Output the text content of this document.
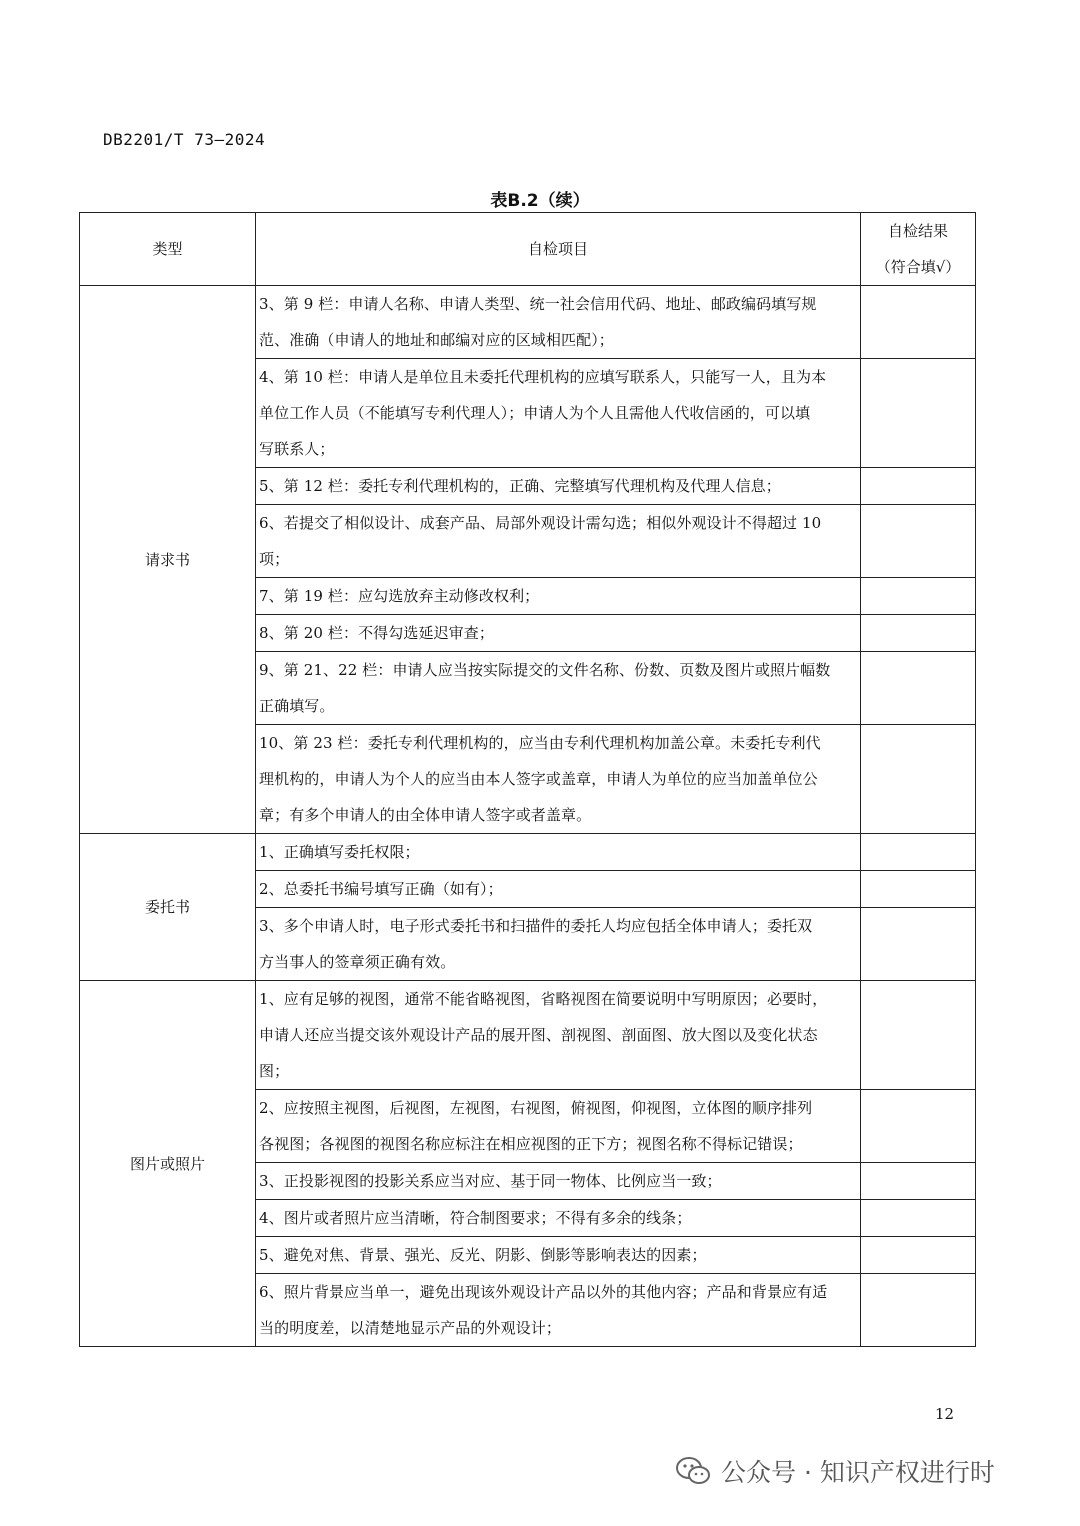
DB2201/T 73—2024
表B.2（续）
类型	自检项目	自检结果
（符合填√）

请求书	3、第 9 栏：申请人名称、申请人类型、统一社会信用代码、地址、邮政编码填写规
范、准确（申请人的地址和邮编对应的区域相匹配）；	

	4、第 10 栏：申请人是单位且未委托代理机构的应填写联系人，只能写一人，且为本
单位工作人员（不能填写专利代理人）；申请人为个人且需他人代收信函的，可以填
写联系人；	

	5、第 12 栏：委托专利代理机构的，正确、完整填写代理机构及代理人信息；	

	6、若提交了相似设计、成套产品、局部外观设计需勾选；相似外观设计不得超过 10
项；	

	7、第 19 栏：应勾选放弃主动修改权利；	

	8、第 20 栏：不得勾选延迟审查；	

	9、第 21、22 栏：申请人应当按实际提交的文件名称、份数、页数及图片或照片幅数
正确填写。	

	10、第 23 栏：委托专利代理机构的，应当由专利代理机构加盖公章。未委托专利代
理机构的，申请人为个人的应当由本人签字或盖章，申请人为单位的应当加盖单位公
章；有多个申请人的由全体申请人签字或者盖章。	

委托书	1、正确填写委托权限；	

	2、总委托书编号填写正确（如有）；	

	3、多个申请人时，电子形式委托书和扫描件的委托人均应包括全体申请人；委托双
方当事人的签章须正确有效。	

图片或照片	1、应有足够的视图，通常不能省略视图，省略视图在简要说明中写明原因；必要时，
申请人还应当提交该外观设计产品的展开图、剖视图、剖面图、放大图以及变化状态
图；	

	2、应按照主视图，后视图，左视图，右视图，俯视图，仰视图，立体图的顺序排列
各视图；各视图的视图名称应标注在相应视图的正下方；视图名称不得标记错误；	

	3、正投影视图的投影关系应当对应、基于同一物体、比例应当一致；	

	4、图片或者照片应当清晰，符合制图要求；不得有多余的线条；	

	5、避免对焦、背景、强光、反光、阴影、倒影等影响表达的因素；	

	6、照片背景应当单一，避免出现该外观设计产品以外的其他内容；产品和背景应有适
当的明度差，以清楚地显示产品的外观设计；	

12
公众号 · 知识产权进行时
